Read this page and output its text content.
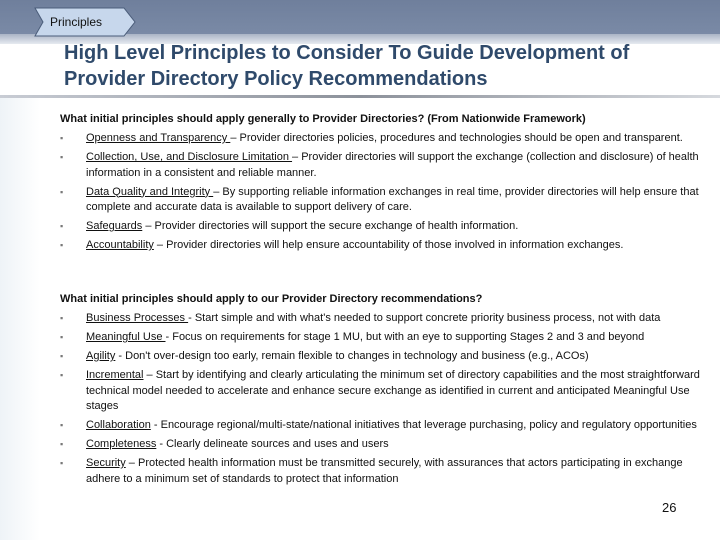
Principles
High Level Principles to Consider To Guide Development of
Provider Directory Policy Recommendations
What initial principles should apply generally to Provider Directories? (From Nationwide Framework)
▪ Openness and Transparency – Provider directories policies, procedures and technologies should be open and transparent.
▪ Collection, Use, and Disclosure Limitation – Provider directories will support the exchange (collection and disclosure) of health information in a consistent and reliable manner.
▪ Data Quality and Integrity – By supporting reliable information exchanges in real time, provider directories will help ensure that complete and accurate data is available to support delivery of care.
▪ Safeguards – Provider directories will support the secure exchange of health information.
▪ Accountability – Provider directories will help ensure accountability of those involved in information exchanges.
What initial principles should apply to our Provider Directory recommendations?
▪ Business Processes - Start simple and with what's needed to support concrete priority business process, not with data
▪ Meaningful Use - Focus on requirements for stage 1 MU, but with an eye to supporting Stages 2 and 3 and beyond
▪ Agility - Don't over-design too early, remain flexible to changes in technology and business (e.g., ACOs)
▪ Incremental – Start by identifying and clearly articulating the minimum set of directory capabilities and the most straightforward technical model needed to accelerate and enhance secure exchange as identified in current and anticipated Meaningful Use stages
▪ Collaboration - Encourage regional/multi-state/national initiatives that leverage purchasing, policy and regulatory opportunities
▪ Completeness - Clearly delineate sources and uses and users
▪ Security – Protected health information must be transmitted securely, with assurances that actors participating in exchange adhere to a minimum set of standards to protect that information
26
